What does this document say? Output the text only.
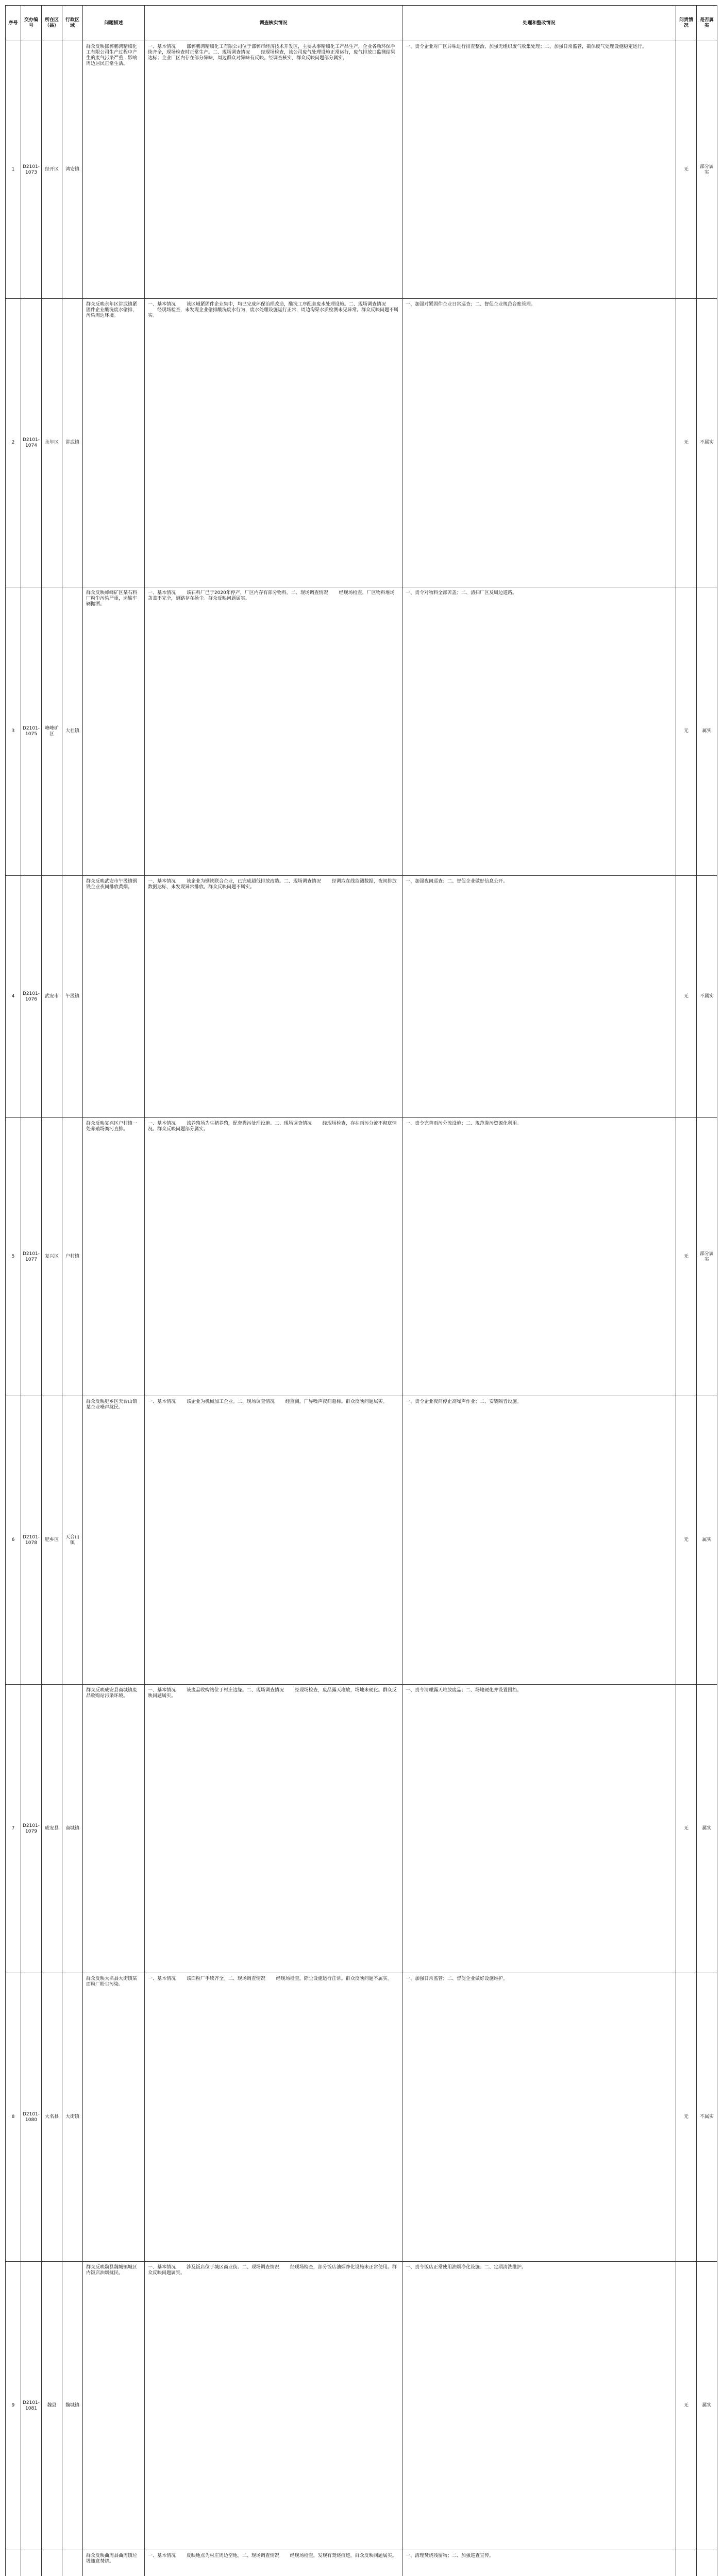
序号	交办编号	所在区（县）	行政区域	问题描述	调查核实情况	处理和整改情况	问责情况	是否属实
1	D2101-1073	经开区	鸿安镇	群众反映邯郸鹏鸿精细化工有限公司生产过程中产生的废气污染严重，影响周边居民正常生活。	一、基本情况 　　邯郸鹏鸿精细化工有限公司位于邯郸市经济技术开发区，主要从事精细化工产品生产，企业各项环保手续齐全，现场检查时正常生产。二、现场调查情况 　　经现场检查，该公司废气处理设施正常运行，废气排放口监测结果达标；企业厂区内存在部分异味，周边群众对异味有反映。经调查核实，群众反映问题部分属实。	一、责令企业对厂区异味进行排查整治，加强无组织废气收集处理；二、加强日常监管，确保废气处理设施稳定运行。	无	部分属实
2	D2101-1074	永年区	讲武镇	群众反映永年区讲武镇紧固件企业酸洗废水偷排，污染周边环境。	一、基本情况 　　该区域紧固件企业集中，均已完成环保治理改造，酸洗工序配套废水处理设施。二、现场调查情况 　　经现场检查，未发现企业偷排酸洗废水行为，废水处理设施运行正常，周边沟渠水质检测未见异常。群众反映问题不属实。	一、加强对紧固件企业日常巡查；二、督促企业规范台账管理。	无	不属实
3	D2101-1075	峰峰矿区	大社镇	群众反映峰峰矿区某石料厂粉尘污染严重，运输车辆抛洒。	一、基本情况 　　该石料厂已于2020年停产，厂区内存有部分物料。二、现场调查情况 　　经现场检查，厂区物料堆场苫盖不完全，道路存在扬尘。群众反映问题属实。	一、责令对物料全部苫盖；二、清扫厂区及周边道路。	无	属实
4	D2101-1076	武安市	午汲镇	群众反映武安市午汲镇钢铁企业夜间排放黄烟。	一、基本情况 　　该企业为钢铁联合企业，已完成超低排放改造。二、现场调查情况 　　经调取在线监测数据，夜间排放数据达标，未发现异常排放。群众反映问题不属实。	一、加强夜间巡查；二、督促企业做好信息公开。	无	不属实
5	D2101-1077	复兴区	户村镇	群众反映复兴区户村镇一处养殖场粪污直排。	一、基本情况 　　该养殖场为生猪养殖，配套粪污处理设施。二、现场调查情况 　　经现场检查，存在雨污分流不彻底情况。群众反映问题部分属实。	一、责令完善雨污分流设施；二、规范粪污资源化利用。	无	部分属实
6	D2101-1078	肥乡区	天台山镇	群众反映肥乡区天台山镇某企业噪声扰民。	一、基本情况 　　该企业为机械加工企业。二、现场调查情况 　　经监测，厂界噪声夜间超标。群众反映问题属实。	一、责令企业夜间停止高噪声作业；二、安装隔音设施。	无	属实
7	D2101-1079	成安县	商城镇	群众反映成安县商城镇废品收购站污染环境。	一、基本情况 　　该废品收购站位于村庄边缘。二、现场调查情况 　　经现场检查，废品露天堆放，场地未硬化。群众反映问题属实。	一、责令清理露天堆放废品；二、场地硬化并设置围挡。	无	属实
8	D2101-1080	大名县	大街镇	群众反映大名县大街镇某面粉厂粉尘污染。	一、基本情况 　　该面粉厂手续齐全。二、现场调查情况 　　经现场检查，除尘设施运行正常。群众反映问题不属实。	一、加强日常监管；二、督促企业做好设施维护。	无	不属实
9	D2101-1081	魏县	魏城镇	群众反映魏县魏城镇城区内饭店油烟扰民。	一、基本情况 　　涉及饭店位于城区商业街。二、现场调查情况 　　经现场检查，部分饭店油烟净化设施未正常使用。群众反映问题属实。	一、责令饭店正常使用油烟净化设施；二、定期清洗维护。	无	属实
				群众反映曲周县曲周镇垃圾随意焚烧。	一、基本情况 　　反映地点为村庄周边空地。二、现场调查情况 　　经现场检查，发现有焚烧痕迹。群众反映问题属实。	一、清理焚烧残留物；二、加强巡查宣传。		
